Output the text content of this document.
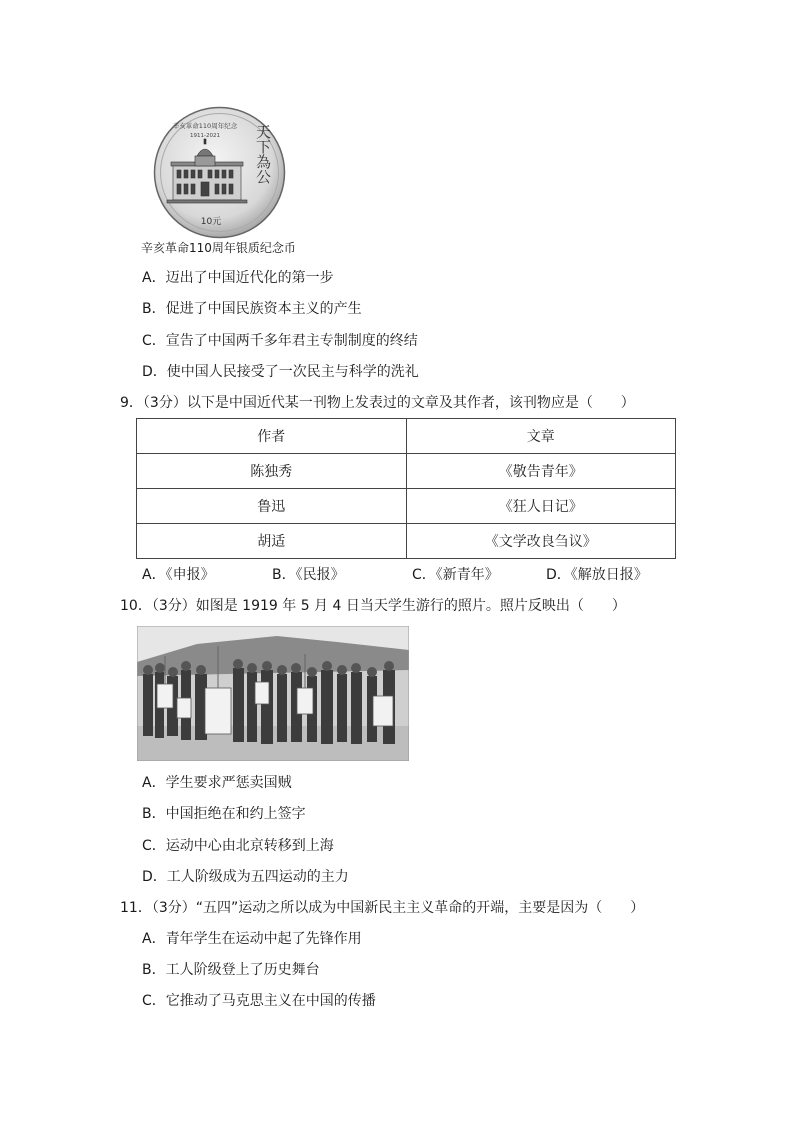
辛亥革命110周年纪念
1911-2021 天下為公
10元
辛亥革命110周年银质纪念币
A．迈出了中国近代化的第一步
B．促进了中国民族资本主义的产生
C．宣告了中国两千多年君主专制制度的终结
D．使中国人民接受了一次民主与科学的洗礼
9．（3分）以下是中国近代某一刊物上发表过的文章及其作者，该刊物应是（　　）
作者	文章
陈独秀	《敬告青年》
鲁迅	《狂人日记》
胡适	《文学改良刍议》
A．《申报》	B．《民报》	C．《新青年》	D．《解放日报》
10．（3分）如图是 1919 年 5 月 4 日当天学生游行的照片。照片反映出（　　）
A．学生要求严惩卖国贼
B．中国拒绝在和约上签字
C．运动中心由北京转移到上海
D．工人阶级成为五四运动的主力
11．（3分）“五四”运动之所以成为中国新民主主义革命的开端，主要是因为（　　）
A．青年学生在运动中起了先锋作用
B．工人阶级登上了历史舞台
C．它推动了马克思主义在中国的传播
